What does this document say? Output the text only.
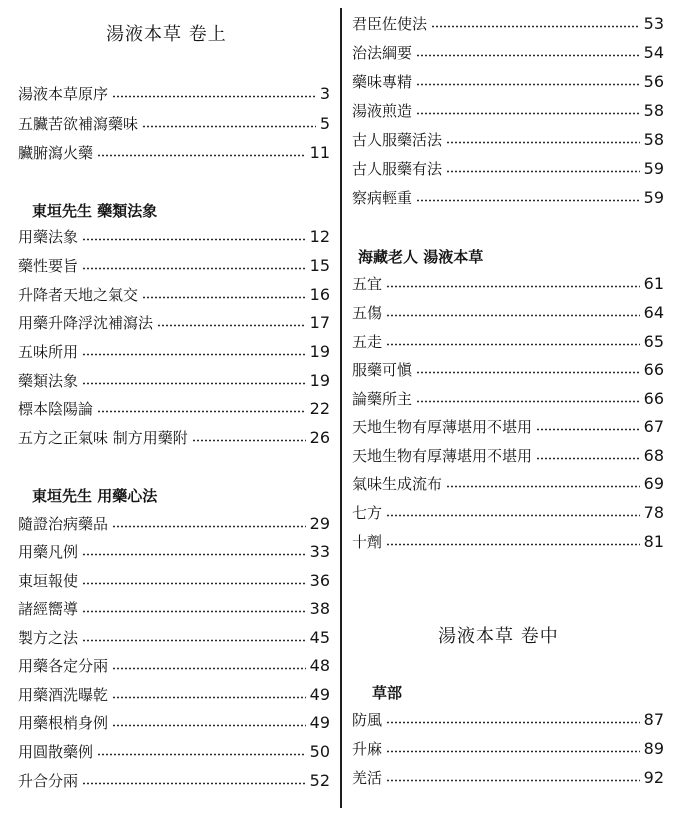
湯液本草 卷上
湯液本草原序	3
五臟苦欲補瀉藥味	5
臟腑瀉火藥	11
東垣先生 藥類法象
用藥法象	12
藥性要旨	15
升降者天地之氣交	16
用藥升降浮沈補瀉法	17
五味所用	19
藥類法象	19
標本陰陽論	22
五方之正氣味 制方用藥附	26
東垣先生 用藥心法
隨證治病藥品	29
用藥凡例	33
東垣報使	36
諸經嚮導	38
製方之法	45
用藥各定分兩	48
用藥酒洗曝乾	49
用藥根梢身例	49
用圓散藥例	50
升合分兩	52
君臣佐使法	53
治法綱要	54
藥味專精	56
湯液煎造	58
古人服藥活法	58
古人服藥有法	59
察病輕重	59
海藏老人 湯液本草
五宜	61
五傷	64
五走	65
服藥可愼	66
論藥所主	66
天地生物有厚薄堪用不堪用	67
天地生物有厚薄堪用不堪用	68
氣味生成流布	69
七方	78
十劑	81
湯液本草 卷中
草部
防風	87
升麻	89
羌活	92
